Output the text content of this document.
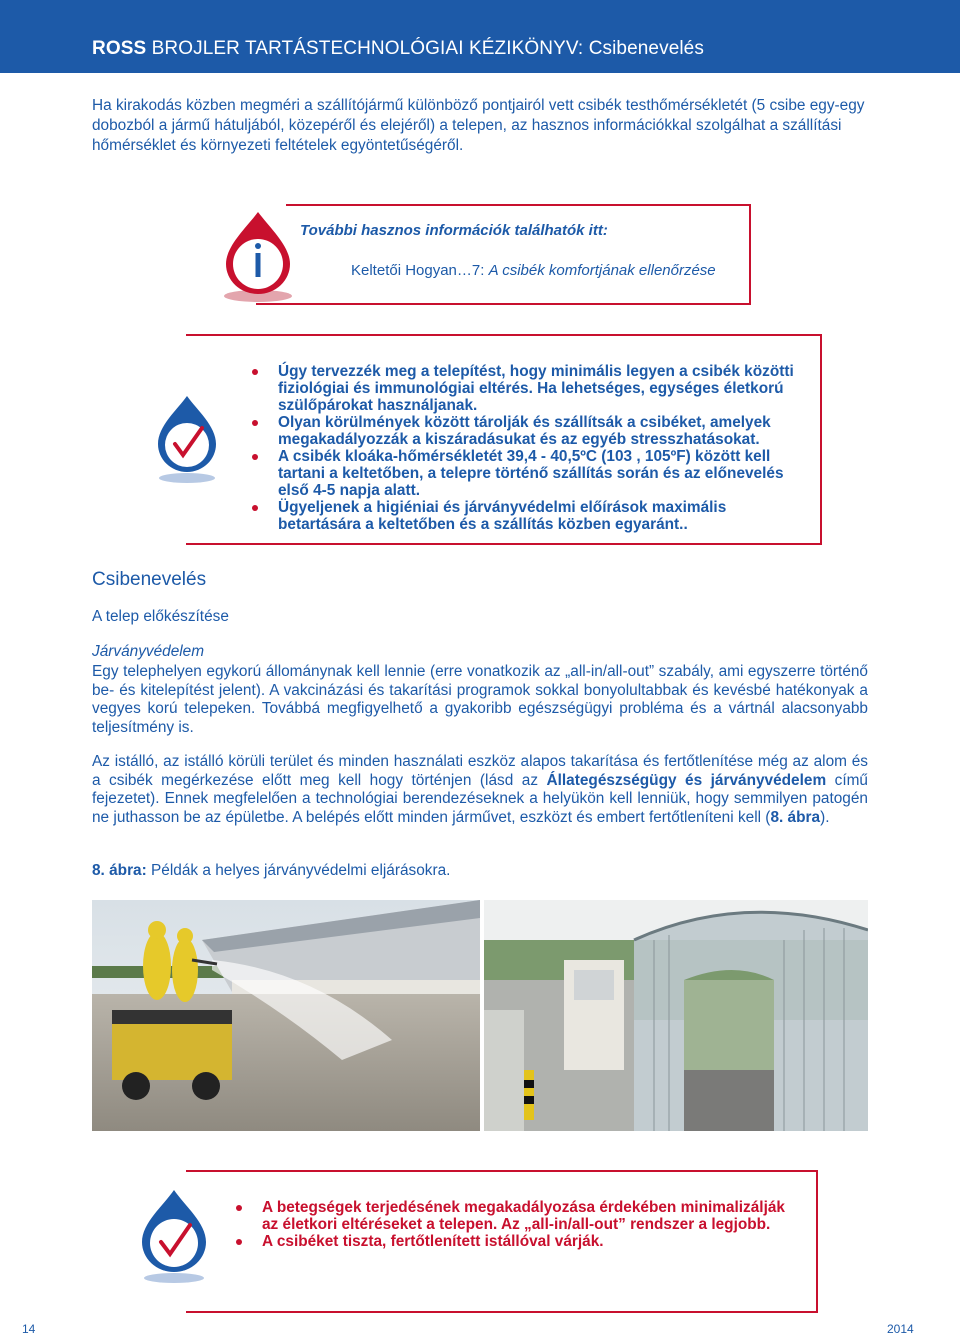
ROSS BROJLER TARTÁSTECHNOLÓGIAI KÉZIKÖNYV: Csibenevelés

Ha kirakodás közben megméri a szállítójármű különböző pontjairól vett csibék testhőmérsékletét (5 csibe egy-egy dobozból a jármű hátuljából, közepéről és elejéről) a telepen, az hasznos információkkal szolgálhat a szállítási hőmérséklet és környezeti feltételek egyöntetűségéről.

További hasznos információk találhatók itt:
Keltetői Hogyan…7: A csibék komfortjának ellenőrzése
Úgy tervezzék meg a telepítést, hogy minimális legyen a csibék közötti fiziológiai és immunológiai eltérés. Ha lehetséges, egységes életkorú szülőpárokat használjanak.
Olyan körülmények között tárolják és szállítsák a csibéket, amelyek megakadályozzák a kiszáradásukat és az egyéb stresszhatásokat.
A csibék kloáka-hőmérsékletét 39,4 - 40,5ºC (103 , 105ºF) között kell tartani a keltetőben, a telepre történő szállítás során és az előnevelés első 4-5 napja alatt.
Ügyeljenek a higiéniai és járványvédelmi előírások maximális betartására a keltetőben és a szállítás közben egyaránt..
Csibenevelés
A telep előkészítése
Járványvédelem

Egy telephelyen egykorú állománynak kell lennie (erre vonatkozik az „all-in/all-out” szabály, ami egyszerre történő be- és kitelepítést jelent). A vakcinázási és takarítási programok sokkal bonyolultabbak és kevésbé hatékonyak a vegyes korú telepeken. Továbbá megfigyelhető a gyakoribb egészségügyi probléma és a vártnál alacsonyabb teljesítmény is.

Az istálló, az istálló körüli terület és minden használati eszköz alapos takarítása és fertőtlenítése még az alom és a csibék megérkezése előtt meg kell hogy történjen (lásd az Állategészségügy és járványvédelem című fejezetet). Ennek megfelelően a technológiai berendezéseknek a helyükön kell lenniük, hogy semmilyen patogén ne juthasson be az épületbe. A belépés előtt minden járművet, eszközt és embert fertőtleníteni kell (8. ábra).

8. ábra: Példák a helyes járványvédelmi eljárásokra.
A betegségek terjedésének megakadályozása érdekében minimalizálják az életkori eltéréseket a telepen. Az „all-in/all-out” rendszer a legjobb.
A csibéket tiszta, fertőtlenített istállóval várják.
14	2014
